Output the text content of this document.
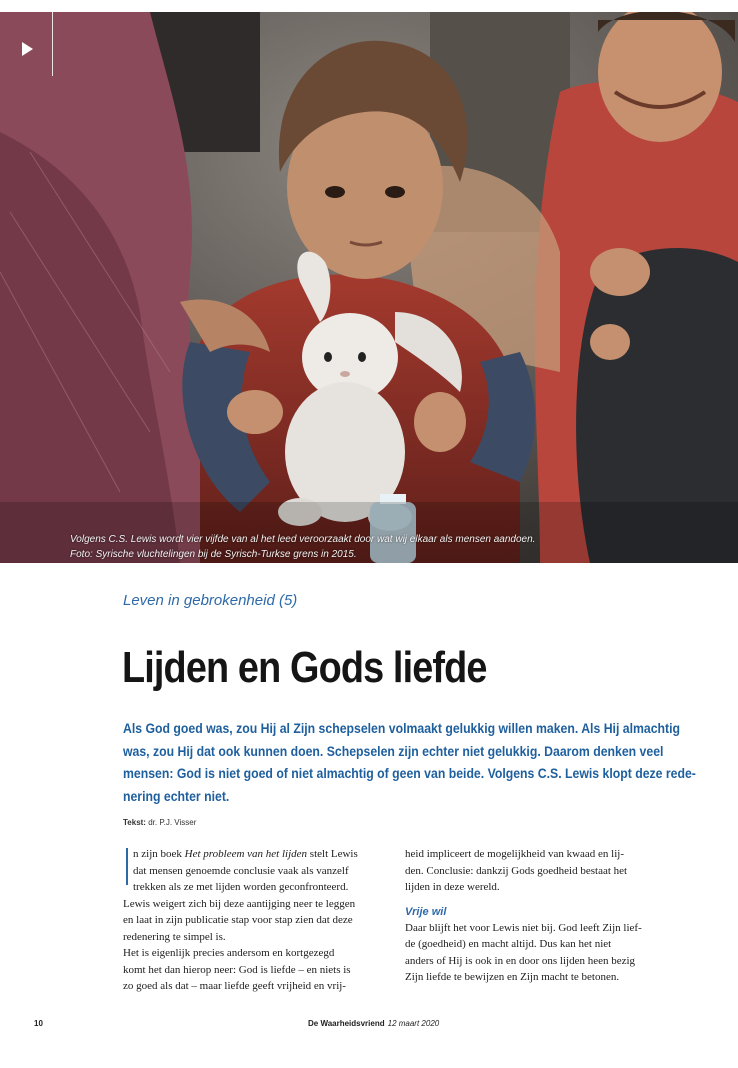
Volgens C.S. Lewis wordt vier vijfde van al het leed veroorzaakt door wat wij elkaar als mensen aandoen.
Foto: Syrische vluchtelingen bij de Syrisch-Turkse grens in 2015.
Leven in gebrokenheid (5)
Lijden en Gods liefde
Als God goed was, zou Hij al Zijn schepselen volmaakt gelukkig willen maken. Als Hij almachtig
was, zou Hij dat ook kunnen doen. Schepselen zijn echter niet gelukkig. Daarom denken veel
mensen: God is niet goed of niet almachtig of geen van beide. Volgens C.S. Lewis klopt deze rede-
nering echter niet.
Tekst: dr. P.J. Visser
n zijn boek Het probleem van het lijden stelt Lewis
dat mensen genoemde conclusie vaak als vanzelf
trekken als ze met lijden worden geconfronteerd.
Lewis weigert zich bij deze aantijging neer te leggen
en laat in zijn publicatie stap voor stap zien dat deze
redenering te simpel is.
Het is eigenlijk precies andersom en kortgezegd
komt het dan hierop neer: God is liefde – en niets is
zo goed als dat – maar liefde geeft vrijheid en vrij-
heid impliceert de mogelijkheid van kwaad en lij-
den. Conclusie: dankzij Gods goedheid bestaat het
lijden in deze wereld.
Vrije wil
Daar blijft het voor Lewis niet bij. God leeft Zijn lief-
de (goedheid) en macht altijd. Dus kan het niet
anders of Hij is ook in en door ons lijden heen bezig
Zijn liefde te bewijzen en Zijn macht te betonen.
10	De Waarheidsvriend 12 maart 2020
